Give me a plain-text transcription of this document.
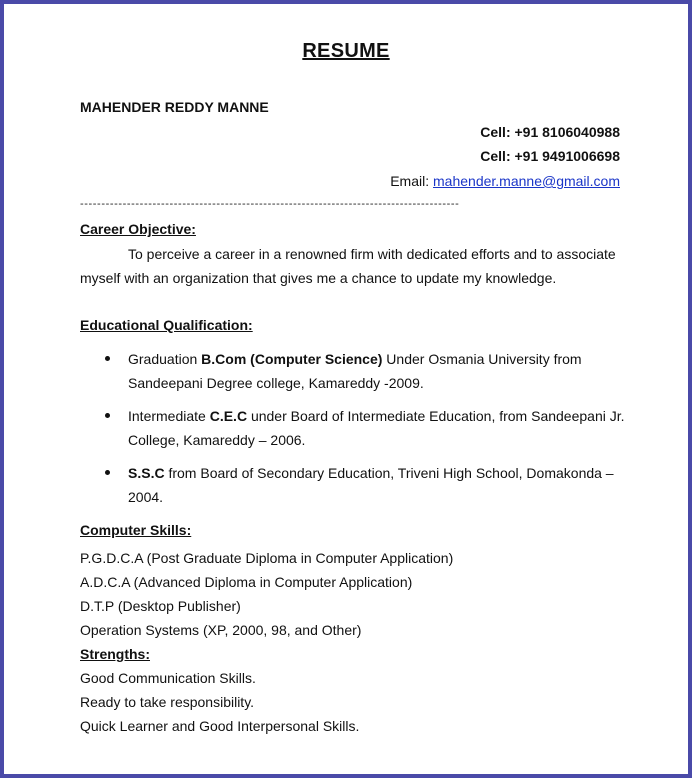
RESUME
MAHENDER REDDY MANNE
Cell: +91 8106040988
Cell: +91 9491006698
Email: mahender.manne@gmail.com
-----------------------------------------------------------------------------------------
Career Objective:
To perceive a career in a renowned firm with dedicated efforts and to associate myself with an organization that gives me a chance to update my knowledge.
Educational Qualification:
Graduation B.Com (Computer Science) Under Osmania University from Sandeepani Degree college, Kamareddy -2009.
Intermediate C.E.C under Board of Intermediate Education, from Sandeepani Jr. College, Kamareddy – 2006.
S.S.C from Board of Secondary Education, Triveni High School, Domakonda – 2004.
Computer Skills:
P.G.D.C.A (Post Graduate Diploma in Computer Application)
A.D.C.A (Advanced Diploma in Computer Application)
D.T.P (Desktop Publisher)
Operation Systems (XP, 2000, 98, and Other)
Strengths:
Good Communication Skills.
Ready to take responsibility.
Quick Learner and Good Interpersonal Skills.
